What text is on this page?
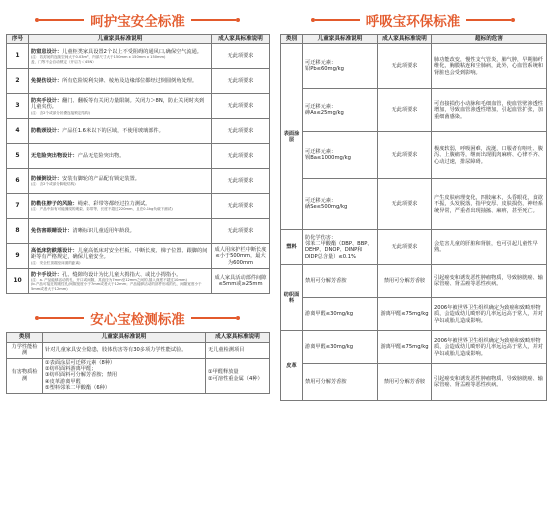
呵护宝安全标准
序号	儿童家具标准说明	成人家具标准说明
1	防窒息设计：儿童柜类家具设置2个以上不受阻碍的通风口,确保空气流通。
(注：若封闭的连续空间大于0.03m³，内部尺寸大于150mm x 150mm x 150mm)
盖、门等不会自动锁定（开启力＜45N）	无此项要求
2	免提伤设计：所有危险锐利尖锋、棱角及边缘部位都经过倒圆倒角处理。	无此项要求
3	防夹手设计：翻门、翻板等有关闭力量限制。关闭力＞8N，防止关闭时夹到儿童夹伤。
(注：含2个或部分折叠连接锁定结构)	无此项要求
4	防勒颈设计：产品任1.6米以下的区域，不使用玻璃部件。	无此项要求
5	无危险突出物设计：产品无危险突出物。	无此项要求
6	防倾倒设计：安装有脚轮的产品配有锁定装置。
(注：含2个或部分脚轮结构)	无此项要求
7	防勒住脖子的风险：绳索、彩带等都经过拉力测试。
(注：产品中如有可能缠绕的绳索、彩带等，长度不超过220mm，且在0.1kg负载下测试)	无此项要求
8	免伤害眼睛设计：清晰标识儿童适用年龄段。	无此项要求
9	高低床防跌落设计：儿童高低床对安全栏板、中断长度、梯子位置、跟脚的间距等有严格规定，确保儿童安全。
(注：安全栏顶端至床面的距离)	成人用床护栏中断长度≤小于500mm，最大为600mm
10	防卡手设计：孔、缝隙均设计为比儿童大拇指大、或比小拇指小。
(注：a. 产品能够活动的孔、开口或间隙，其直径为7mm至12mm之间的,插入深度不超过10mm)
(b.产品可接近的刚性孔/间隙宽度小于7mm或者大于12mm；产品能够活动的部件形成的孔、间隙宽度小于5mm或者大于12mm)	成人家具活动部件间隙≤5mm或≥25mm
安心宝检测标准
类别	儿童家具标准说明	成人家具标准说明
力学性能检测	针对儿童家具安全隐患，肢体伤害等有30多项力学性能试验。	无儿童检测项目
有害物质检测	①表面涂层可迁移元素（8种）
②纺织面料游离甲醛；
③纺织面料可分解芳香胺；禁用
④皮革游离甲醛
⑤塑料邻苯二甲酸酯（6种）	①甲醛释放量
②可溶性重金属（4种）
呼吸宝环保标准
类别	儿童家具标准说明	成人家具标准说明	超标的危害
表面涂层	可迁移元素：
铅Pb≤60mg/kg	无此项要求	肺功能改变，慢性支气管炎，肺气肿，早期肺纤维化，胸膜粘连和尘肺病，此外，心血管系统和肾脏也会受到影响。
	可迁移元素：
砷As≤25mg/kg	无此项要求	可直接损伤小动脉和毛细血管，使血管壁渗透性增加，导致血管渗透性增加，引起血管扩张，加重细菌感染。
	可迁移元素：
钡Ba≤1000mg/kg	无此项要求	极度软弱，呼吸困难，流涎，口服者有呕吐、腹泻、上腹痛等，继而出现肌肉麻痹、心律不齐、心动过速，排尿障碍。
	可迁移元素：
硒Se≤500mg/kg	无此项要求	产生皮肤病理变化，四肢麻木，头昏眼花，食欲不振，头发脱落，指甲变厚、皮肤损伤，神经系统异常，严重者出现抽搐、麻痹，甚至死亡。
塑料	防化学伤害：
邻苯二甲酸酯（DBP、BBP、DEHP、DNOP、DINP和DIDP总含量）≤0.1%	无此项要求	会危害儿童的肝脏和肾脏，也可引起儿童性早熟。
纺织面料	禁用可分解芳香胺	禁用可分解芳香胺	引起癌变和诱发恶性肿瘤物质，导致膀胱癌、输尿管癌、肾盂癌等恶性疾病。
	游离甲醛≤30mg/kg	游离甲醛≤75mg/kg	2006年被世界卫生组织确定为致癌和致畸形物质，会造成幼儿畸形的几率远远高于常人，并对孕妇或胎儿造成影响。
皮革	游离甲醛≤30mg/kg	游离甲醛≤75mg/kg	2006年被世界卫生组织确定为致癌和致畸形物质，会造成幼儿畸形的几率远远高于常人，并对孕妇或胎儿造成影响。
	禁用可分解芳香胺	禁用可分解芳香胺	引起癌变和诱发恶性肿瘤物质，导致膀胱癌、输尿管癌、肾盂癌等恶性疾病。
